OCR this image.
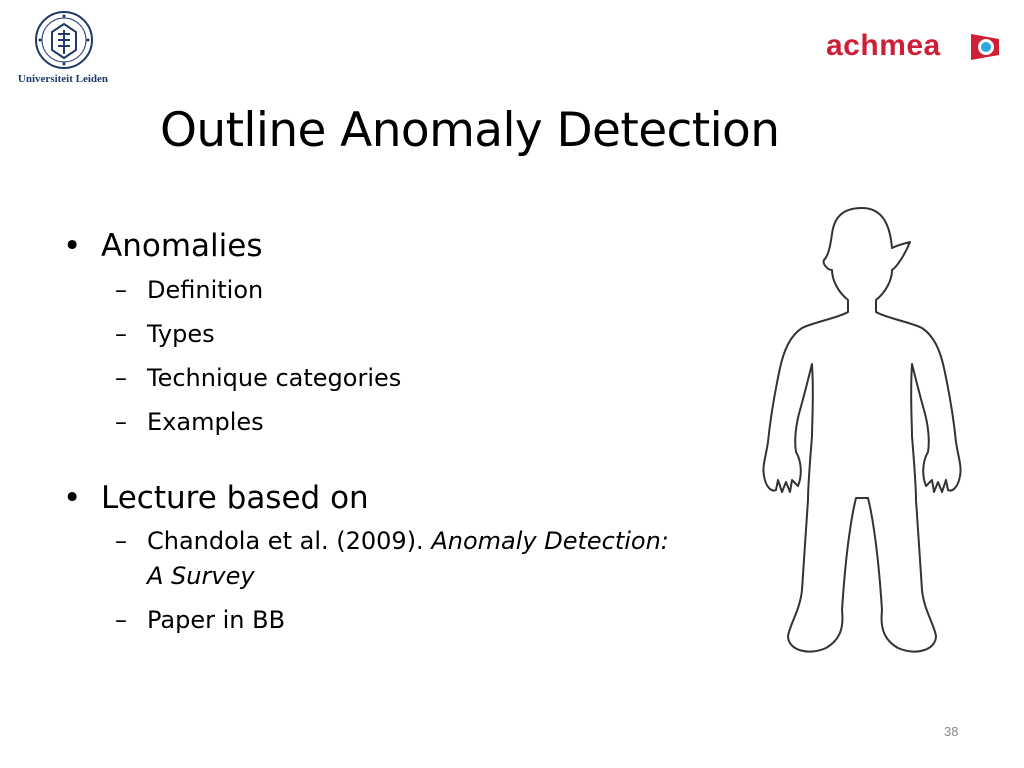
Universiteit Leiden
achmea
Outline Anomaly Detection
• Anomalies
– Definition
– Types
– Technique categories
– Examples
• Lecture based on
– Chandola et al. (2009). Anomaly Detection: A Survey
– Paper in BB
38
